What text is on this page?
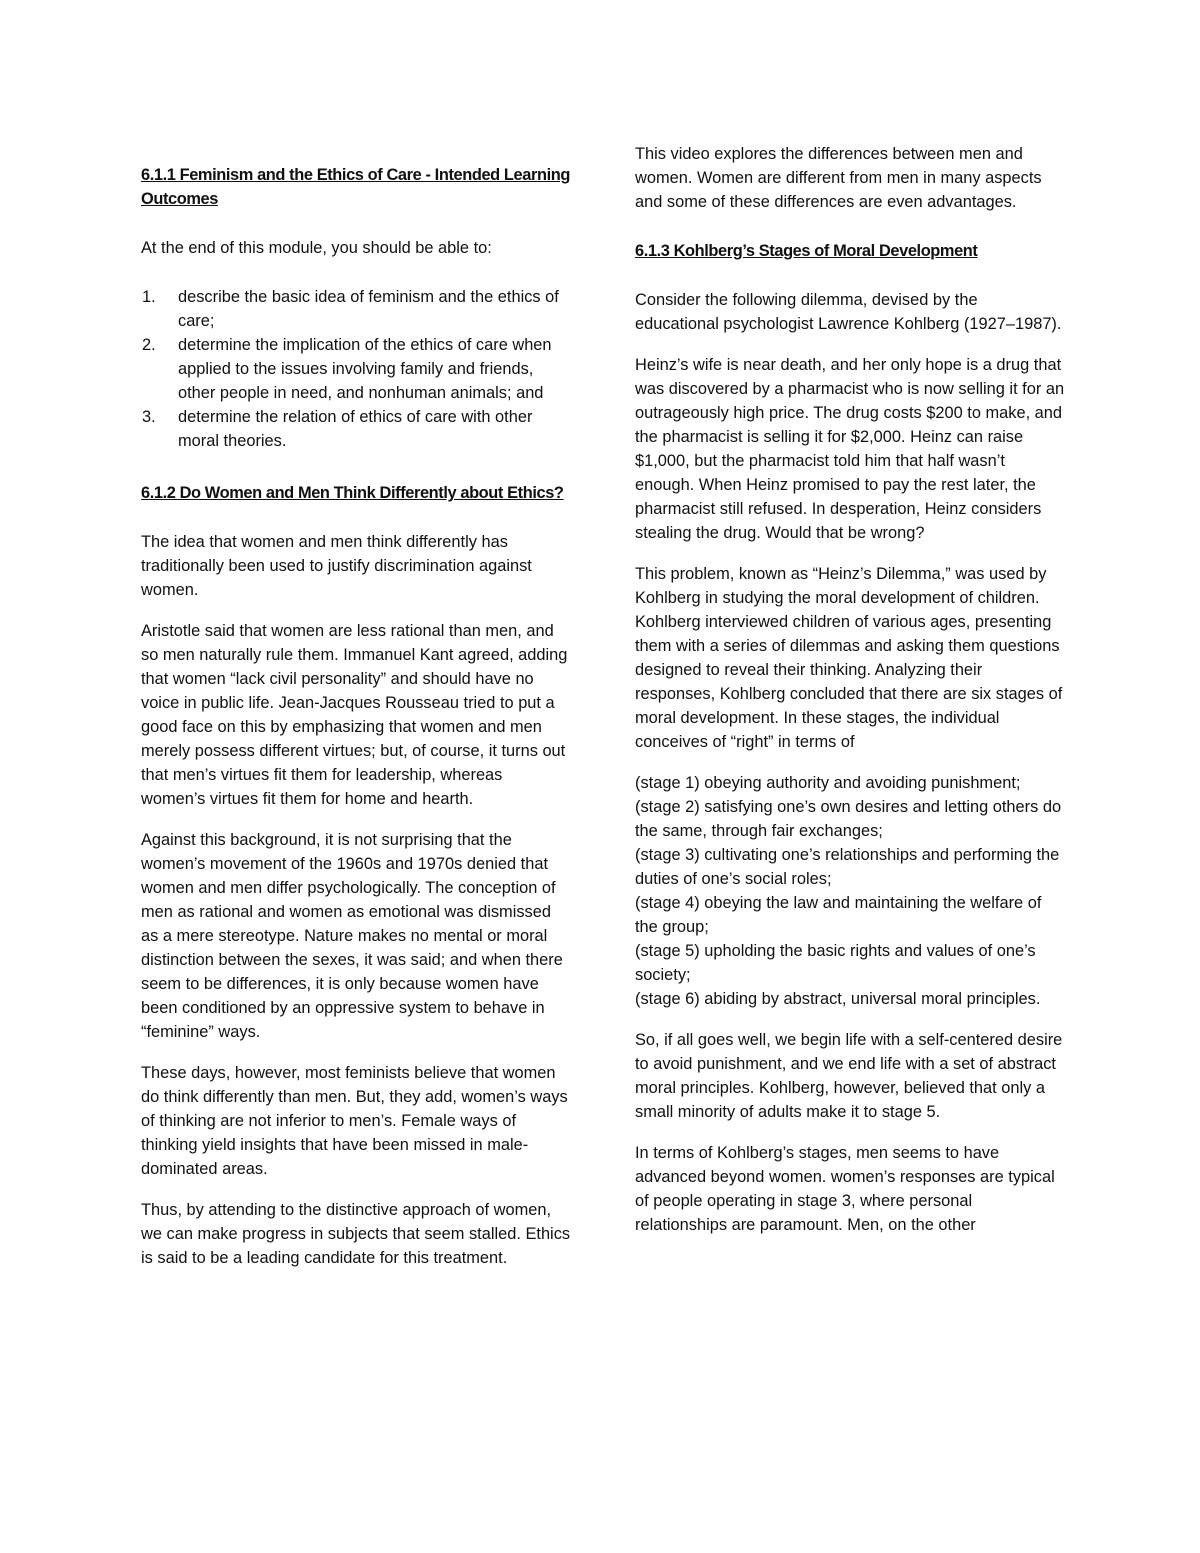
6.1.1 Feminism and the Ethics of Care - Intended Learning Outcomes
At the end of this module, you should be able to:
1. describe the basic idea of feminism and the ethics of care;
2. determine the implication of the ethics of care when applied to the issues involving family and friends, other people in need, and nonhuman animals; and
3. determine the relation of ethics of care with other moral theories.
6.1.2 Do Women and Men Think Differently about Ethics?

The idea that women and men think differently has traditionally been used to justify discrimination against women.

Aristotle said that women are less rational than men, and so men naturally rule them. Immanuel Kant agreed, adding that women “lack civil personality” and should have no voice in public life. Jean-Jacques Rousseau tried to put a good face on this by emphasizing that women and men merely possess different virtues; but, of course, it turns out that men’s virtues fit them for leadership, whereas women’s virtues fit them for home and hearth.

Against this background, it is not surprising that the women’s movement of the 1960s and 1970s denied that women and men differ psychologically. The conception of men as rational and women as emotional was dismissed as a mere stereotype. Nature makes no mental or moral distinction between the sexes, it was said; and when there seem to be differences, it is only because women have been conditioned by an oppressive system to behave in “feminine” ways.

These days, however, most feminists believe that women do think differently than men. But, they add, women’s ways of thinking are not inferior to men’s. Female ways of thinking yield insights that have been missed in male-dominated areas.

Thus, by attending to the distinctive approach of women, we can make progress in subjects that seem stalled. Ethics is said to be a leading candidate for this treatment.

This video explores the differences between men and women. Women are different from men in many aspects and some of these differences are even advantages.

6.1.3 Kohlberg’s Stages of Moral Development

Consider the following dilemma, devised by the educational psychologist Lawrence Kohlberg (1927–1987).

Heinz’s wife is near death, and her only hope is a drug that was discovered by a pharmacist who is now selling it for an outrageously high price. The drug costs $200 to make, and the pharmacist is selling it for $2,000. Heinz can raise $1,000, but the pharmacist told him that half wasn’t enough. When Heinz promised to pay the rest later, the pharmacist still refused. In desperation, Heinz considers stealing the drug. Would that be wrong?

This problem, known as “Heinz’s Dilemma,” was used by Kohlberg in studying the moral development of children. Kohlberg interviewed children of various ages, presenting them with a series of dilemmas and asking them questions designed to reveal their thinking. Analyzing their responses, Kohlberg concluded that there are six stages of moral development. In these stages, the individual conceives of “right” in terms of

(stage 1) obeying authority and avoiding punishment;
(stage 2) satisfying one’s own desires and letting others do the same, through fair exchanges;
(stage 3) cultivating one’s relationships and performing the duties of one’s social roles;
(stage 4) obeying the law and maintaining the welfare of the group;
(stage 5) upholding the basic rights and values of one’s society;
(stage 6) abiding by abstract, universal moral principles.

So, if all goes well, we begin life with a self-centered desire to avoid punishment, and we end life with a set of abstract moral principles. Kohlberg, however, believed that only a small minority of adults make it to stage 5.

In terms of Kohlberg’s stages, men seems to have advanced beyond women. women’s responses are typical of people operating in stage 3, where personal relationships are paramount. Men, on the other
